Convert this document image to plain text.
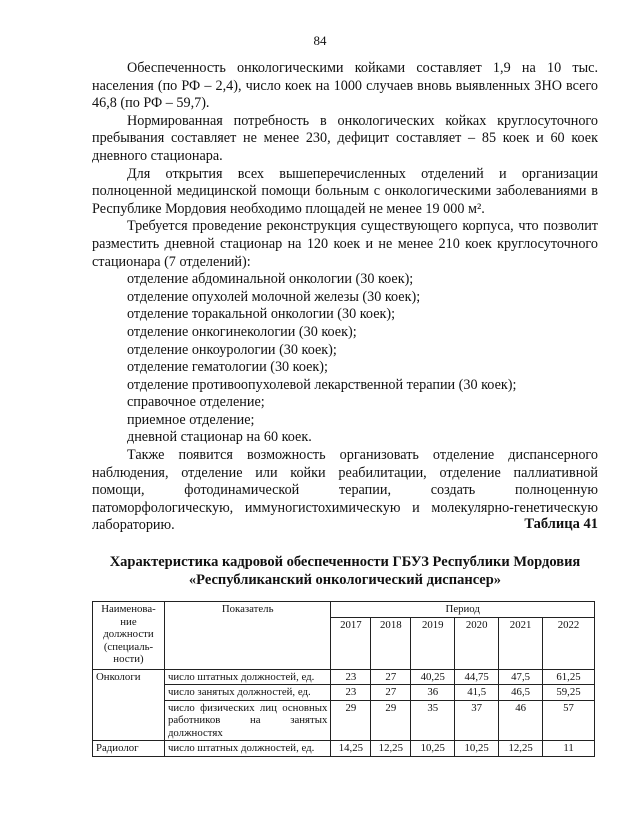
84

Обеспеченность онкологическими койками составляет 1,9 на 10 тыс. населения (по РФ – 2,4), число коек на 1000 случаев вновь выявленных ЗНО всего 46,8 (по РФ – 59,7).

Нормированная потребность в онкологических койках круглосуточного пребывания составляет не менее 230, дефицит составляет – 85 коек и 60 коек дневного стационара.

Для открытия всех вышеперечисленных отделений и организации полноценной медицинской помощи больным с онкологическими заболеваниями в Республике Мордовия необходимо площадей не менее 19 000 м².

Требуется проведение реконструкция существующего корпуса, что позволит разместить дневной стационар на 120 коек и не менее 210 коек круглосуточного стационара (7 отделений):

отделение абдоминальной онкологии (30 коек);
отделение опухолей молочной железы (30 коек);
отделение торакальной онкологии (30 коек);
отделение онкогинекологии (30 коек);
отделение онкоурологии (30 коек);
отделение гематологии (30 коек);
отделение противоопухолевой лекарственной терапии (30 коек);
справочное отделение;
приемное отделение;
дневной стационар на 60 коек.

Также появится возможность организовать отделение диспансерного наблюдения, отделение или койки реабилитации, отделение паллиативной помощи, фотодинамической терапии, создать полноценную патоморфологическую, иммуногистохимическую и молекулярно-генетическую лабораторию.	Таблица 41
Характеристика кадровой обеспеченности ГБУЗ Республики Мордовия «Республиканский онкологический диспансер»
Наименова-ние должности (специаль-ности)	Показатель	Период					
		2017	2018	2019	2020	2021	2022
Онкологи	число штатных должностей, ед.	23	27	40,25	44,75	47,5	61,25
	число занятых должностей, ед.	23	27	36	41,5	46,5	59,25
	число физических лиц основных работников на занятых должностях	29	29	35	37	46	57
Радиолог	число штатных должностей, ед.	14,25	12,25	10,25	10,25	12,25	11
